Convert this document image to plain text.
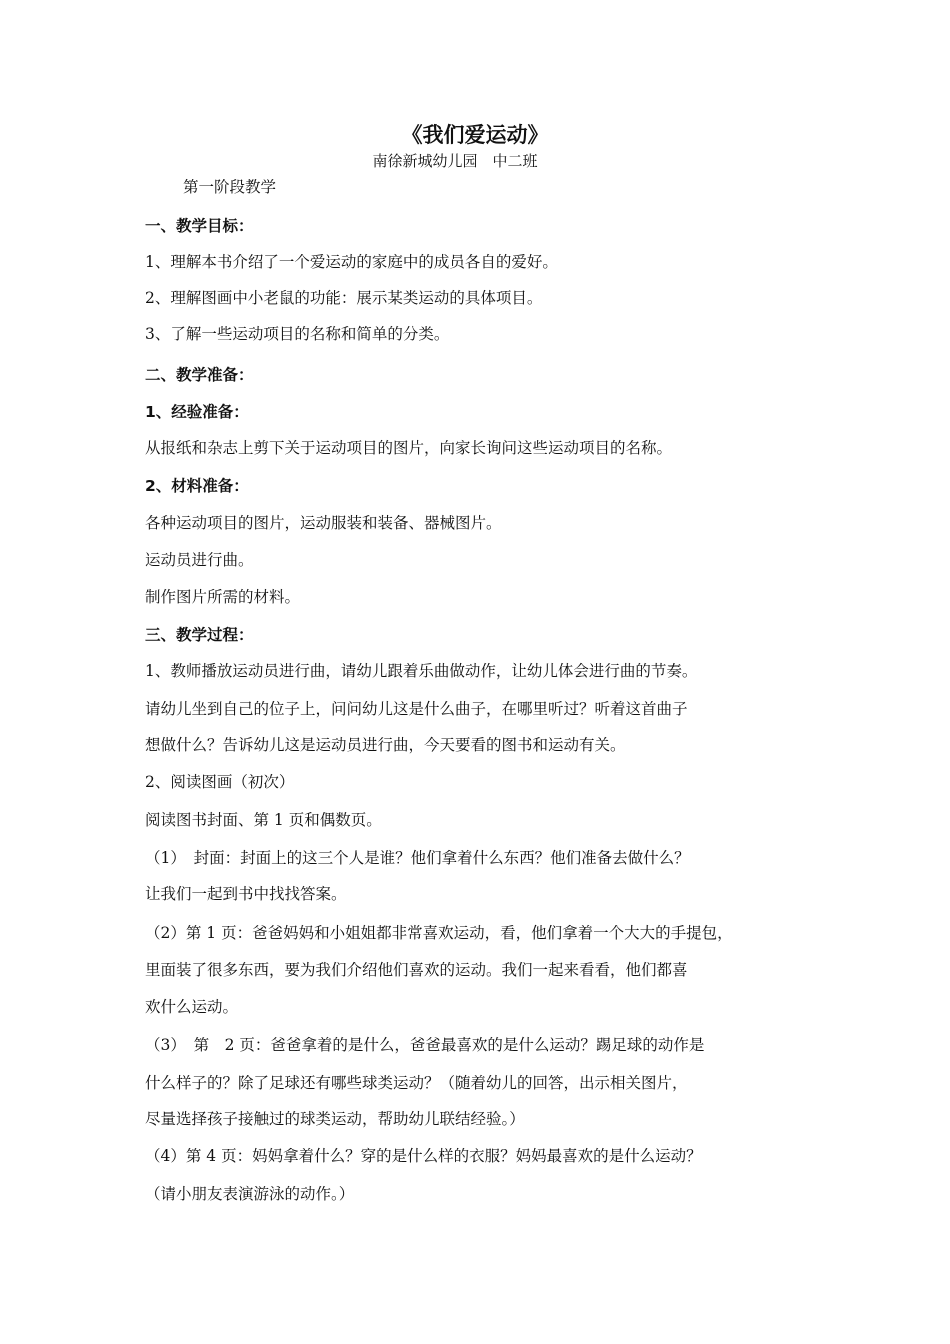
《我们爱运动》
南徐新城幼儿园　中二班
第一阶段教学
一、教学目标：
1、理解本书介绍了一个爱运动的家庭中的成员各自的爱好。
2、理解图画中小老鼠的功能：展示某类运动的具体项目。
3、了解一些运动项目的名称和简单的分类。
二、教学准备：
1、经验准备：
从报纸和杂志上剪下关于运动项目的图片，向家长询问这些运动项目的名称。
2、材料准备：
各种运动项目的图片，运动服装和装备、器械图片。
运动员进行曲。
制作图片所需的材料。
三、教学过程：
1、教师播放运动员进行曲，请幼儿跟着乐曲做动作，让幼儿体会进行曲的节奏。
请幼儿坐到自己的位子上，问问幼儿这是什么曲子，在哪里听过？听着这首曲子
想做什么？告诉幼儿这是运动员进行曲，今天要看的图书和运动有关。
2、阅读图画（初次）
阅读图书封面、第 1 页和偶数页。
（1）　封面：封面上的这三个人是谁？他们拿着什么东西？他们准备去做什么？
让我们一起到书中找找答案。
（2）第 1 页：爸爸妈妈和小姐姐都非常喜欢运动，看，他们拿着一个大大的手提包，
里面装了很多东西，要为我们介绍他们喜欢的运动。我们一起来看看，他们都喜
欢什么运动。
（3）　第　2 页：爸爸拿着的是什么，爸爸最喜欢的是什么运动？踢足球的动作是
什么样子的？除了足球还有哪些球类运动？（随着幼儿的回答，出示相关图片，
尽量选择孩子接触过的球类运动，帮助幼儿联结经验。）
（4）第 4 页：妈妈拿着什么？穿的是什么样的衣服？妈妈最喜欢的是什么运动？
（请小朋友表演游泳的动作。）
